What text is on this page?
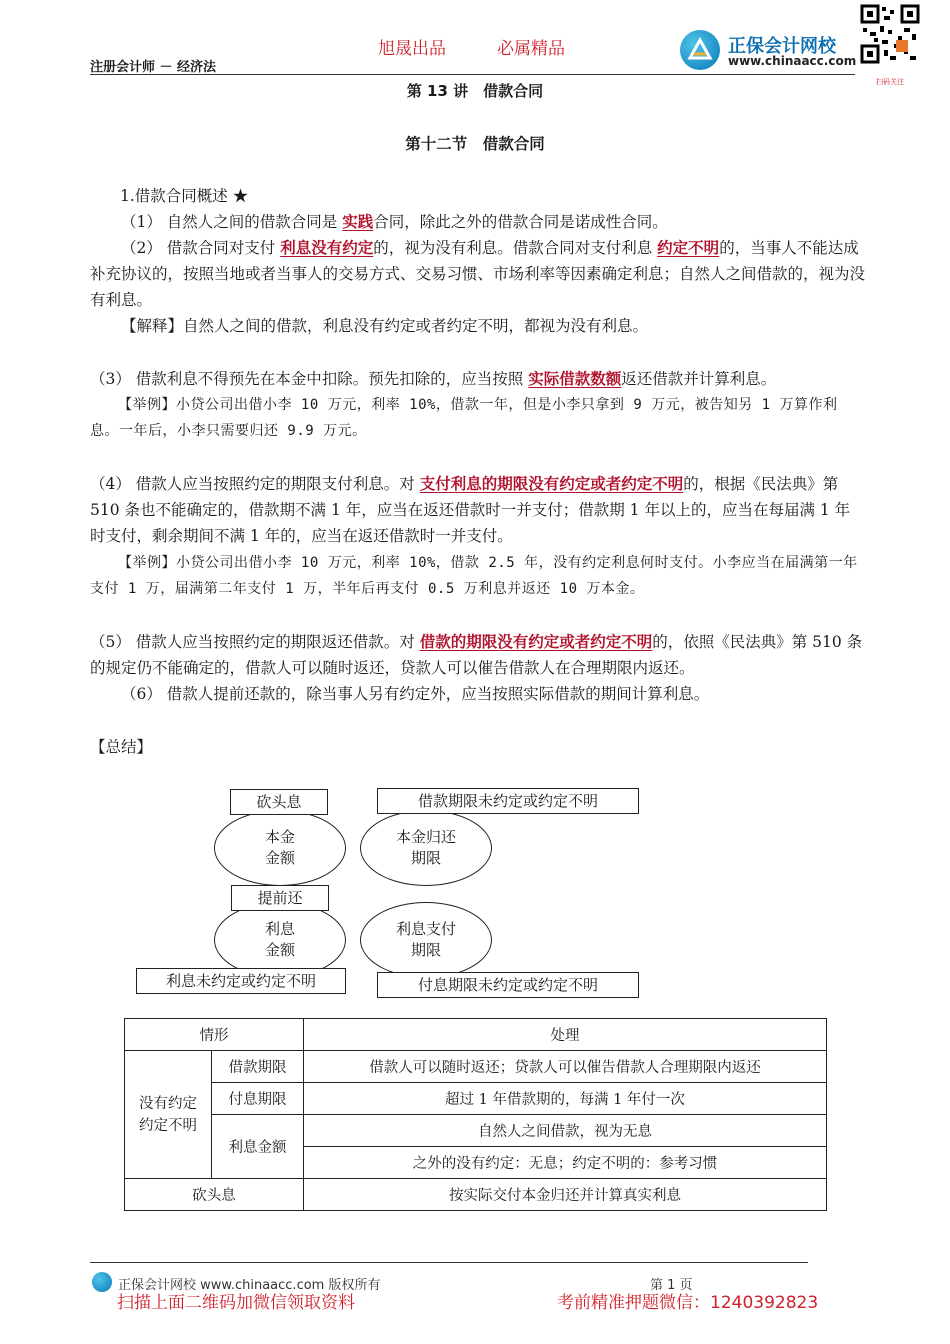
旭晟出品	必属精品
注册会计师 － 经济法
正保会计网校
www.chinaacc.com
扫码关注
第 13 讲　借款合同
第十二节　借款合同
1.借款合同概述 ★
（1） 自然人之间的借款合同是 实践合同，除此之外的借款合同是诺成性合同。
（2） 借款合同对支付 利息没有约定的，视为没有利息。借款合同对支付利息 约定不明的，当事人不能达成补充协议的，按照当地或者当事人的交易方式、交易习惯、市场利率等因素确定利息；自然人之间借款的，视为没有利息。
【解释】自然人之间的借款，利息没有约定或者约定不明，都视为没有利息。
（3） 借款利息不得预先在本金中扣除。预先扣除的，应当按照 实际借款数额返还借款并计算利息。
【举例】小贷公司出借小李 10 万元，利率 10%，借款一年，但是小李只拿到 9 万元，被告知另 1 万算作利息。一年后，小李只需要归还 9.9 万元。
（4） 借款人应当按照约定的期限支付利息。对 支付利息的期限没有约定或者约定不明的，根据《民法典》第 510 条也不能确定的，借款期不满 1 年，应当在返还借款时一并支付；借款期 1 年以上的，应当在每届满 1 年时支付，剩余期间不满 1 年的，应当在返还借款时一并支付。
【举例】小贷公司出借小李 10 万元，利率 10%，借款 2.5 年，没有约定利息何时支付。小李应当在届满第一年支付 1 万，届满第二年支付 1 万，半年后再支付 0.5 万利息并返还 10 万本金。
（5） 借款人应当按照约定的期限返还借款。对 借款的期限没有约定或者约定不明的，依照《民法典》第 510 条的规定仍不能确定的，借款人可以随时返还，贷款人可以催告借款人在合理期限内返还。
（6） 借款人提前还款的，除当事人另有约定外，应当按照实际借款的期间计算利息。
【总结】
本金
金额
本金归还
期限
利息
金额
利息支付
期限
砍头息	借款期限未约定或约定不明
提前还
利息未约定或约定不明	付息期限未约定或约定不明
情形		处理
没有约定
约定不明	借款期限	借款人可以随时返还；贷款人可以催告借款人合理期限内返还
	付息期限	超过 1 年借款期的，每满 1 年付一次
	利息金额	自然人之间借款，视为无息
		之外的没有约定：无息；约定不明的：参考习惯
砍头息		按实际交付本金归还并计算真实利息
正保会计网校 www.chinaacc.com 版权所有	第 1 页
扫描上面二维码加微信领取资料	考前精准押题微信：1240392823
